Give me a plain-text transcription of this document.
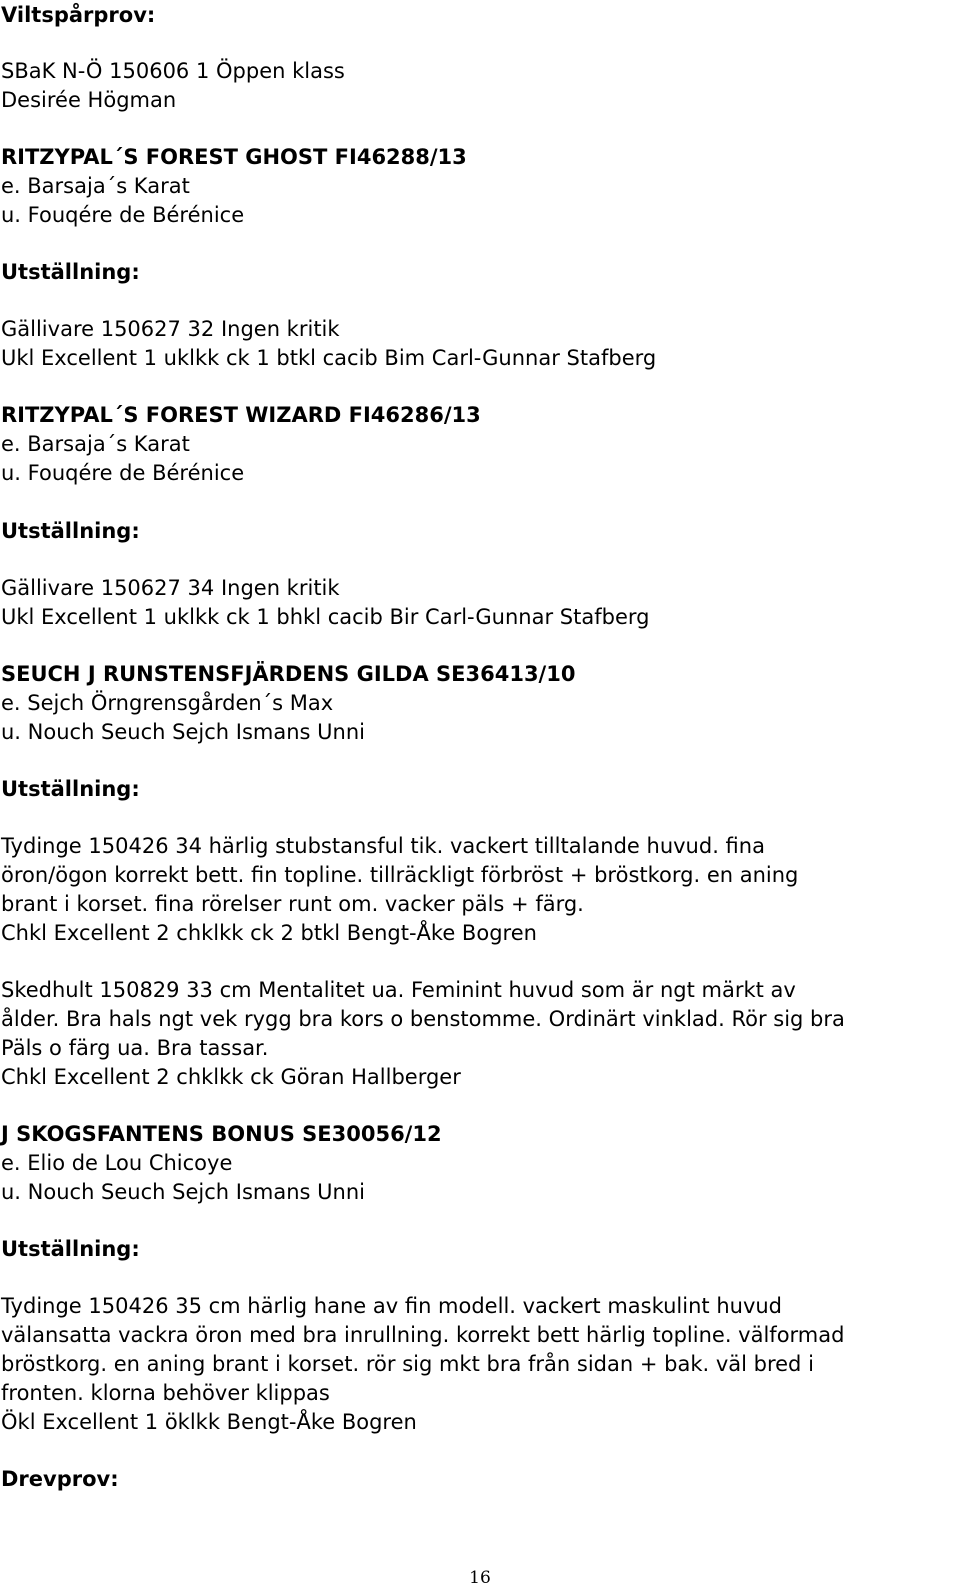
Viltspårprov:
SBaK N-Ö 150606 1 Öppen klass
Desirée Högman
RITZYPAL´S FOREST GHOST FI46288/13
e. Barsaja´s Karat
u. Fouqére de Bérénice
Utställning:
Gällivare 150627 32 Ingen kritik
Ukl Excellent 1 uklkk ck 1 btkl cacib Bim Carl-Gunnar Stafberg
RITZYPAL´S FOREST WIZARD FI46286/13
e. Barsaja´s Karat
u. Fouqére de Bérénice
Utställning:
Gällivare 150627 34 Ingen kritik
Ukl Excellent 1 uklkk ck 1 bhkl cacib Bir Carl-Gunnar Stafberg
SEUCH J RUNSTENSFJÄRDENS GILDA SE36413/10
e. Sejch Örngrensgården´s Max
u. Nouch Seuch Sejch Ismans Unni
Utställning:
Tydinge 150426 34 härlig stubstansful tik. vackert tilltalande huvud. fina
öron/ögon korrekt bett. fin topline. tillräckligt förbröst + bröstkorg. en aning
brant i korset. fina rörelser runt om. vacker päls + färg.
Chkl Excellent 2 chklkk ck 2 btkl Bengt-Åke Bogren
Skedhult 150829 33 cm Mentalitet ua. Feminint huvud som är ngt märkt av
ålder. Bra hals ngt vek rygg bra kors o benstomme. Ordinärt vinklad. Rör sig bra
Päls o färg ua. Bra tassar.
Chkl Excellent 2 chklkk ck Göran Hallberger
J SKOGSFANTENS BONUS SE30056/12
e. Elio de Lou Chicoye
u. Nouch Seuch Sejch Ismans Unni
Utställning:
Tydinge 150426 35 cm härlig hane av fin modell. vackert maskulint huvud
välansatta vackra öron med bra inrullning. korrekt bett härlig topline. välformad
bröstkorg. en aning brant i korset. rör sig mkt bra från sidan + bak. väl bred i
fronten. klorna behöver klippas
Ökl Excellent 1 öklkk Bengt-Åke Bogren
Drevprov:
16
